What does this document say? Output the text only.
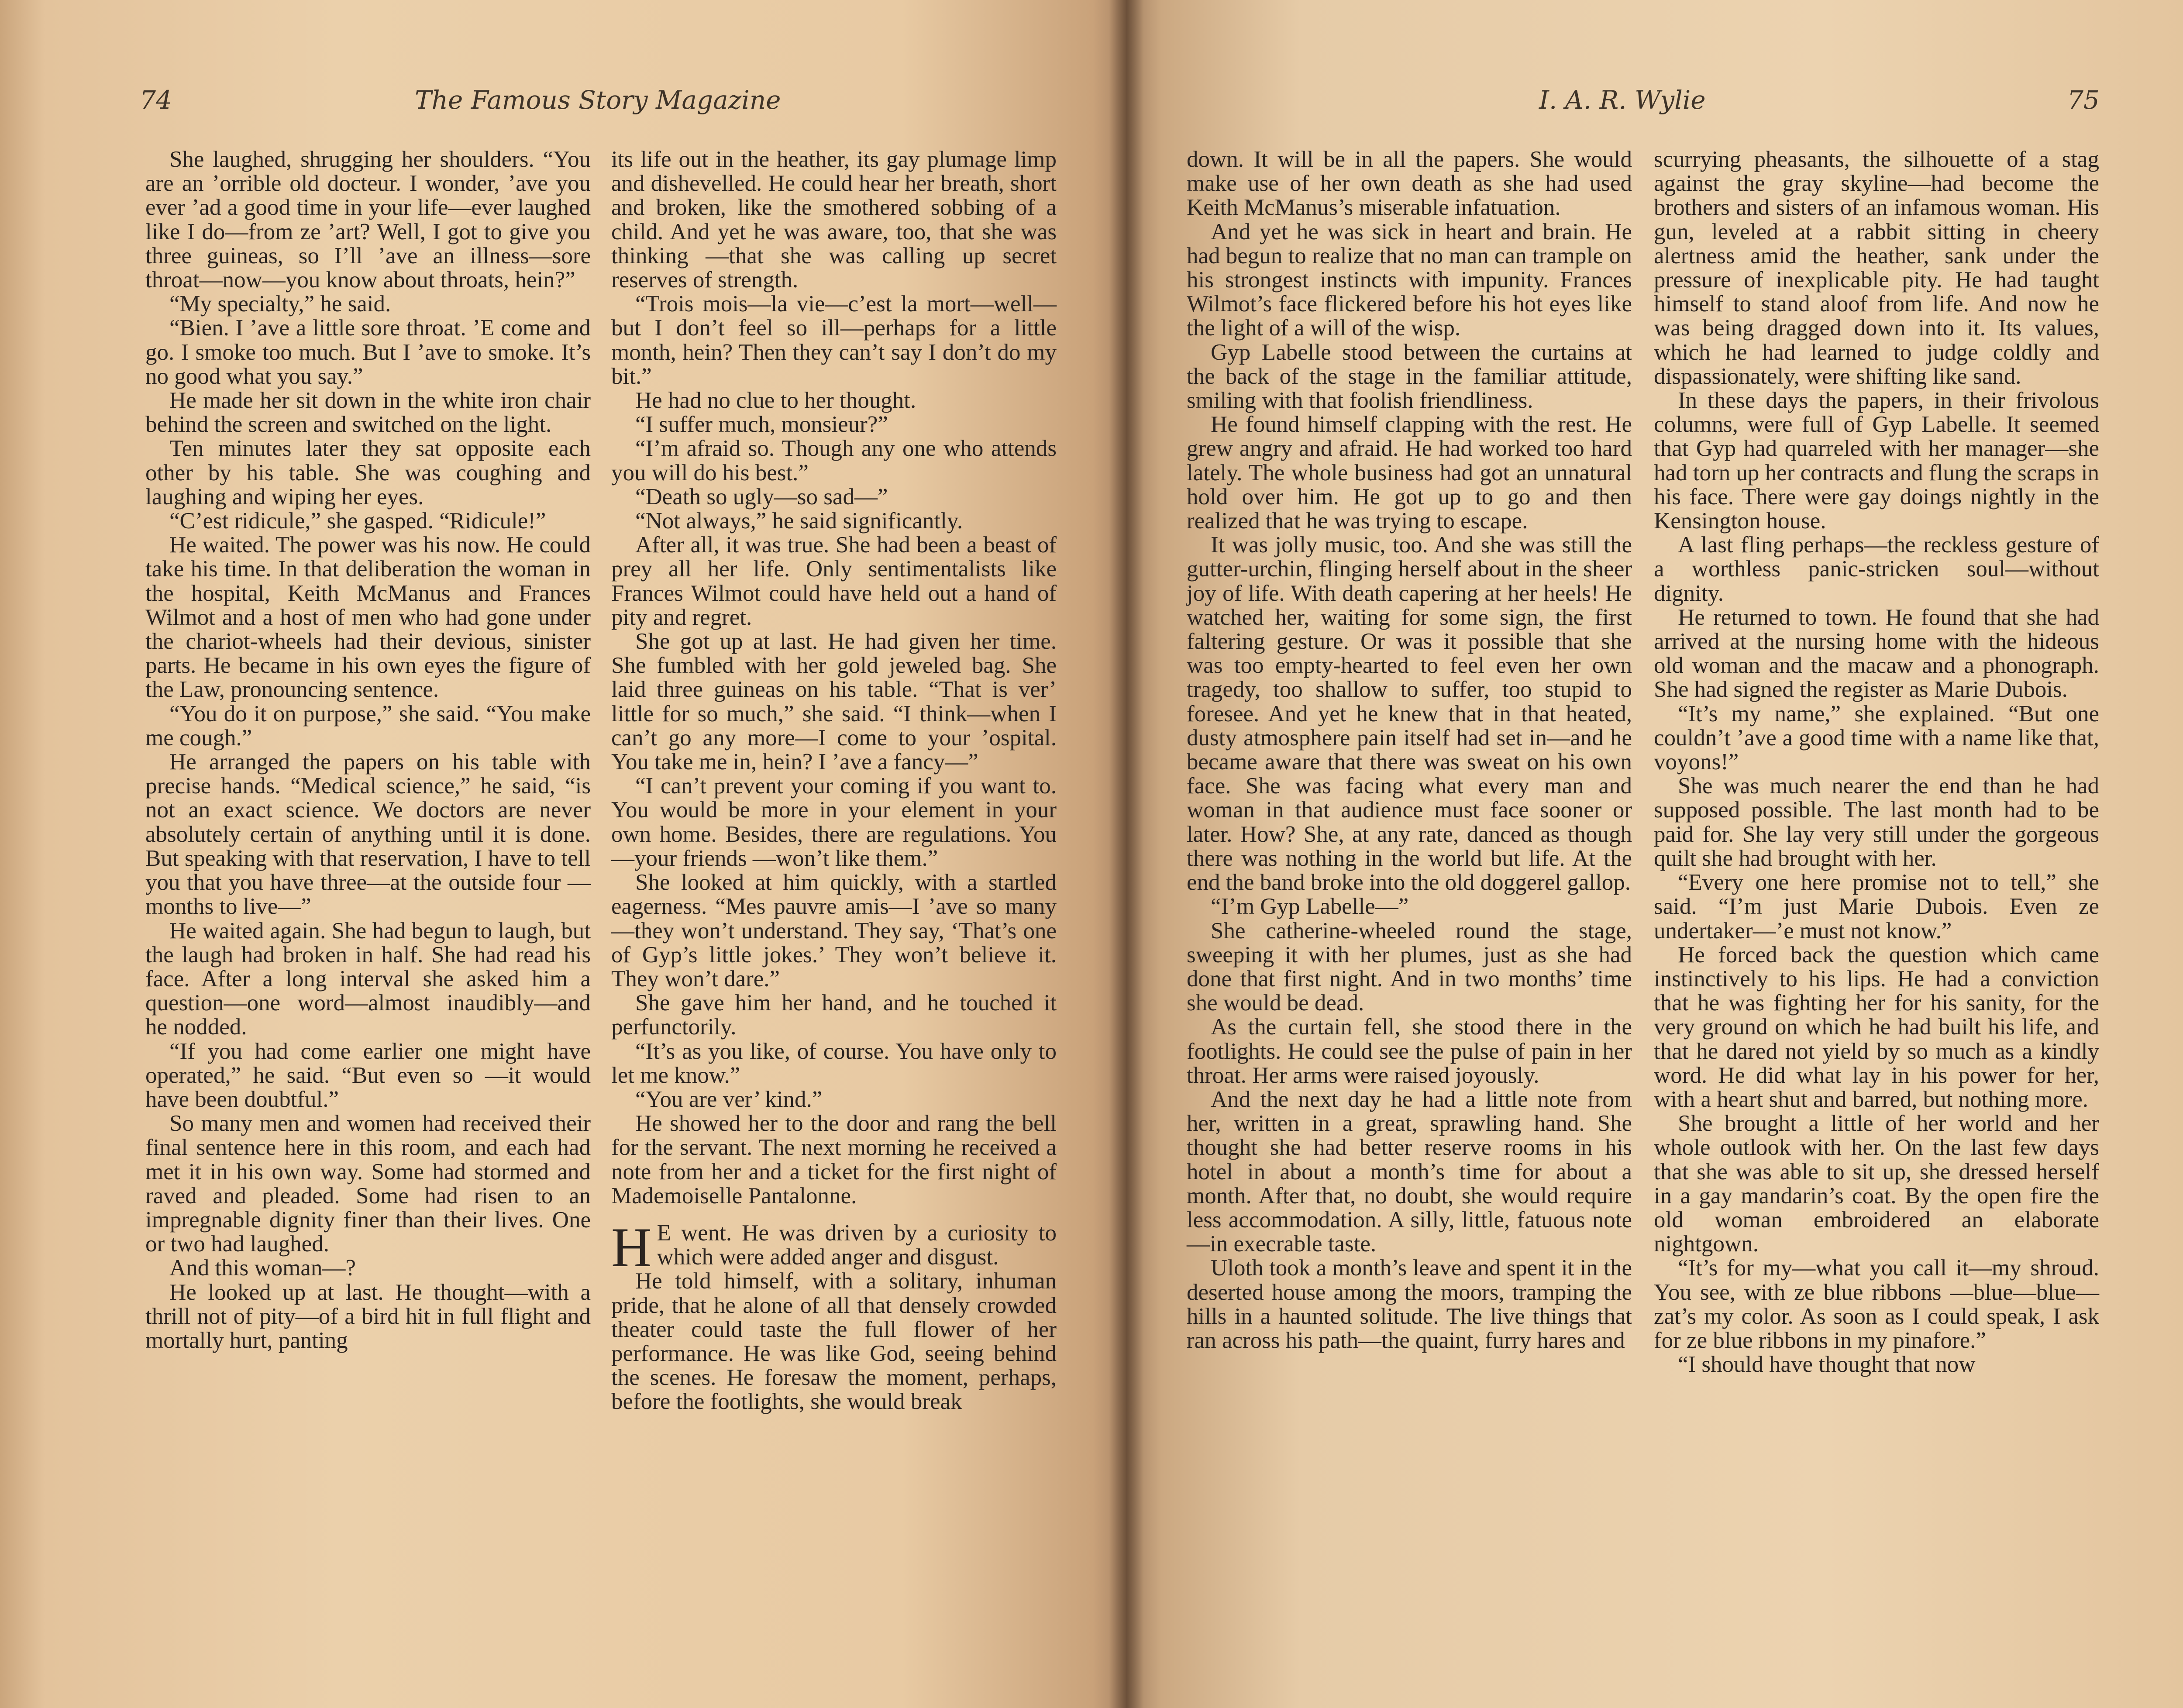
74	The Famous Story Magazine

She laughed, shrugging her shoulders. “You are an ’orrible old docteur. I wonder, ’ave you ever ’ad a good time in your life—ever laughed like I do—from ze ’art? Well, I got to give you three guineas, so I’ll ’ave an illness—sore throat—now—you know about throats, hein?”

“My specialty,” he said.

“Bien. I ’ave a little sore throat. ’E come and go. I smoke too much. But I ’ave to smoke. It’s no good what you say.”

He made her sit down in the white iron chair behind the screen and switched on the light.

Ten minutes later they sat opposite each other by his table. She was coughing and laughing and wiping her eyes.

“C’est ridicule,” she gasped. “Ridicule!”

He waited. The power was his now. He could take his time. In that deliberation the woman in the hospital, Keith McManus and Frances Wilmot and a host of men who had gone under the chariot-wheels had their devious, sinister parts. He became in his own eyes the figure of the Law, pronouncing sentence.

“You do it on purpose,” she said. “You make me cough.”

He arranged the papers on his table with precise hands. “Medical science,” he said, “is not an exact science. We doctors are never absolutely certain of anything until it is done. But speaking with that reservation, I have to tell you that you have three—at the outside four —months to live—”

He waited again. She had begun to laugh, but the laugh had broken in half. She had read his face. After a long interval she asked him a question—one word—almost inaudibly—and he nodded.

“If you had come earlier one might have operated,” he said. “But even so —it would have been doubtful.”

So many men and women had received their final sentence here in this room, and each had met it in his own way. Some had stormed and raved and pleaded. Some had risen to an impregnable dignity finer than their lives. One or two had laughed.

And this woman—?

He looked up at last. He thought—with a thrill not of pity—of a bird hit in full flight and mortally hurt, panting

its life out in the heather, its gay plumage limp and dishevelled. He could hear her breath, short and broken, like the smothered sobbing of a child. And yet he was aware, too, that she was thinking —that she was calling up secret reserves of strength.

“Trois mois—la vie—c’est la mort—well—but I don’t feel so ill—perhaps for a little month, hein? Then they can’t say I don’t do my bit.”

He had no clue to her thought.

“I suffer much, monsieur?”

“I’m afraid so. Though any one who attends you will do his best.”

“Death so ugly—so sad—”

“Not always,” he said significantly.

After all, it was true. She had been a beast of prey all her life. Only sentimentalists like Frances Wilmot could have held out a hand of pity and regret.

She got up at last. He had given her time. She fumbled with her gold jeweled bag. She laid three guineas on his table. “That is ver’ little for so much,” she said. “I think—when I can’t go any more—I come to your ’ospital. You take me in, hein? I ’ave a fancy—”

“I can’t prevent your coming if you want to. You would be more in your element in your own home. Besides, there are regulations. You—your friends —won’t like them.”

She looked at him quickly, with a startled eagerness. “Mes pauvre amis—I ’ave so many—they won’t understand. They say, ‘That’s one of Gyp’s little jokes.’ They won’t believe it. They won’t dare.”

She gave him her hand, and he touched it perfunctorily.

“It’s as you like, of course. You have only to let me know.”

“You are ver’ kind.”

He showed her to the door and rang the bell for the servant. The next morning he received a note from her and a ticket for the first night of Mademoiselle Pantalonne.

H E went. He was driven by a curiosity to which were added anger and disgust.

He told himself, with a solitary, inhuman pride, that he alone of all that densely crowded theater could taste the full flower of her performance. He was like God, seeing behind the scenes. He foresaw the moment, perhaps, before the footlights, she would break

I. A. R. Wylie	75

down. It will be in all the papers. She would make use of her own death as she had used Keith McManus’s miserable infatuation.

And yet he was sick in heart and brain. He had begun to realize that no man can trample on his strongest instincts with impunity. Frances Wilmot’s face flickered before his hot eyes like the light of a will of the wisp.

Gyp Labelle stood between the curtains at the back of the stage in the familiar attitude, smiling with that foolish friendliness.

He found himself clapping with the rest. He grew angry and afraid. He had worked too hard lately. The whole business had got an unnatural hold over him. He got up to go and then realized that he was trying to escape.

It was jolly music, too. And she was still the gutter-urchin, flinging herself about in the sheer joy of life. With death capering at her heels! He watched her, waiting for some sign, the first faltering gesture. Or was it possible that she was too empty-hearted to feel even her own tragedy, too shallow to suffer, too stupid to foresee. And yet he knew that in that heated, dusty atmosphere pain itself had set in—and he became aware that there was sweat on his own face. She was facing what every man and woman in that audience must face sooner or later. How? She, at any rate, danced as though there was nothing in the world but life. At the end the band broke into the old doggerel gallop.

“I’m Gyp Labelle—”

She catherine-wheeled round the stage, sweeping it with her plumes, just as she had done that first night. And in two months’ time she would be dead.

As the curtain fell, she stood there in the footlights. He could see the pulse of pain in her throat. Her arms were raised joyously.

And the next day he had a little note from her, written in a great, sprawling hand. She thought she had better reserve rooms in his hotel in about a month’s time for about a month. After that, no doubt, she would require less accommodation. A silly, little, fatuous note—in execrable taste.

Uloth took a month’s leave and spent it in the deserted house among the moors, tramping the hills in a haunted solitude. The live things that ran across his path—the quaint, furry hares and

scurrying pheasants, the silhouette of a stag against the gray skyline—had become the brothers and sisters of an infamous woman. His gun, leveled at a rabbit sitting in cheery alertness amid the heather, sank under the pressure of inexplicable pity. He had taught himself to stand aloof from life. And now he was being dragged down into it. Its values, which he had learned to judge coldly and dispassionately, were shifting like sand.

In these days the papers, in their frivolous columns, were full of Gyp Labelle. It seemed that Gyp had quarreled with her manager—she had torn up her contracts and flung the scraps in his face. There were gay doings nightly in the Kensington house.

A last fling perhaps—the reckless gesture of a worthless panic-stricken soul—without dignity.

He returned to town. He found that she had arrived at the nursing home with the hideous old woman and the macaw and a phonograph. She had signed the register as Marie Dubois.

“It’s my name,” she explained. “But one couldn’t ’ave a good time with a name like that, voyons!”

She was much nearer the end than he had supposed possible. The last month had to be paid for. She lay very still under the gorgeous quilt she had brought with her.

“Every one here promise not to tell,” she said. “I’m just Marie Dubois. Even ze undertaker—’e must not know.”

He forced back the question which came instinctively to his lips. He had a conviction that he was fighting her for his sanity, for the very ground on which he had built his life, and that he dared not yield by so much as a kindly word. He did what lay in his power for her, with a heart shut and barred, but nothing more.

She brought a little of her world and her whole outlook with her. On the last few days that she was able to sit up, she dressed herself in a gay mandarin’s coat. By the open fire the old woman embroidered an elaborate nightgown.

“It’s for my—what you call it—my shroud. You see, with ze blue ribbons —blue—blue—zat’s my color. As soon as I could speak, I ask for ze blue ribbons in my pinafore.”

“I should have thought that now
